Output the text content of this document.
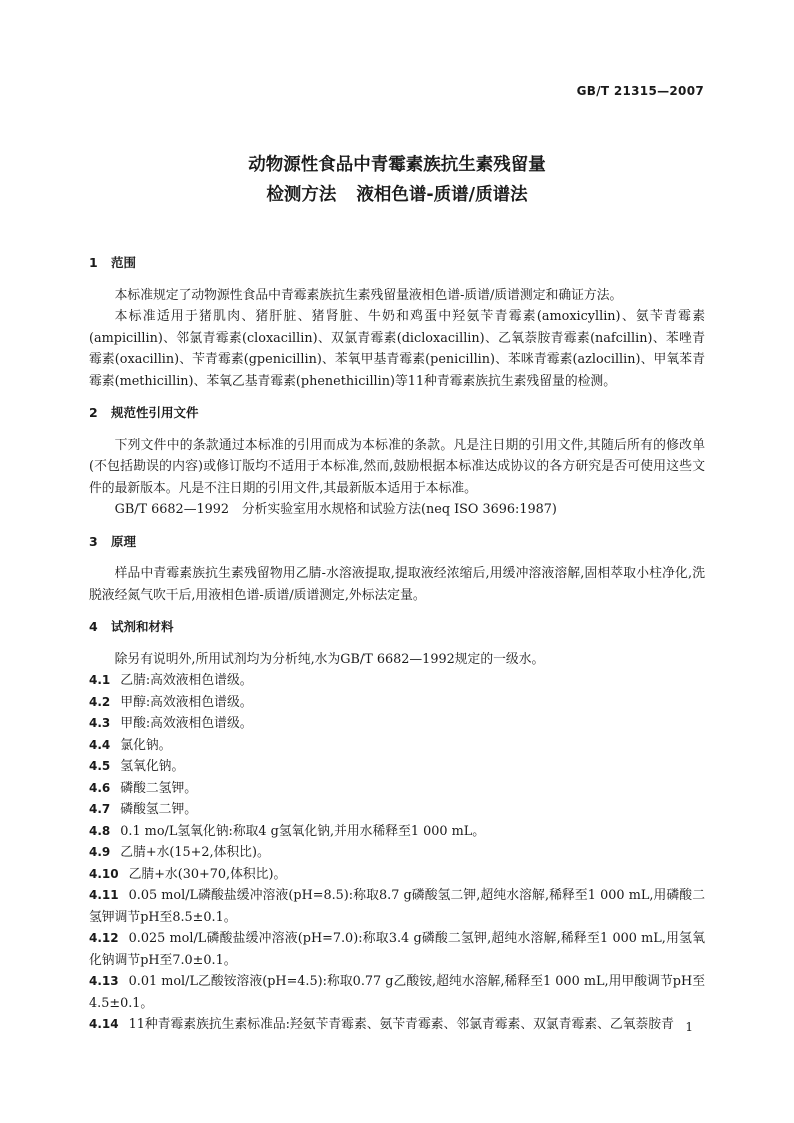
GB/T 21315—2007
动物源性食品中青霉素族抗生素残留量
检测方法 液相色谱-质谱/质谱法
1 范围

本标准规定了动物源性食品中青霉素族抗生素残留量液相色谱-质谱/质谱测定和确证方法。

本标准适用于猪肌肉、猪肝脏、猪肾脏、牛奶和鸡蛋中羟氨苄青霉素(amoxicyllin)、氨苄青霉素(ampicillin)、邻氯青霉素(cloxacillin)、双氯青霉素(dicloxacillin)、乙氧萘胺青霉素(nafcillin)、苯唑青霉素(oxacillin)、苄青霉素(gpenicillin)、苯氧甲基青霉素(penicillin)、苯咪青霉素(azlocillin)、甲氧苯青霉素(methicillin)、苯氧乙基青霉素(phenethicillin)等11种青霉素族抗生素残留量的检测。

2 规范性引用文件

下列文件中的条款通过本标准的引用而成为本标准的条款。凡是注日期的引用文件,其随后所有的修改单(不包括勘误的内容)或修订版均不适用于本标准,然而,鼓励根据本标准达成协议的各方研究是否可使用这些文件的最新版本。凡是不注日期的引用文件,其最新版本适用于本标准。

GB/T 6682—1992　分析实验室用水规格和试验方法(neq ISO 3696:1987)

3 原理

样品中青霉素族抗生素残留物用乙腈-水溶液提取,提取液经浓缩后,用缓冲溶液溶解,固相萃取小柱净化,洗脱液经氮气吹干后,用液相色谱-质谱/质谱测定,外标法定量。

4 试剂和材料

除另有说明外,所用试剂均为分析纯,水为GB/T 6682—1992规定的一级水。

4.1 乙腈:高效液相色谱级。

4.2 甲醇:高效液相色谱级。

4.3 甲酸:高效液相色谱级。

4.4 氯化钠。

4.5 氢氧化钠。

4.6 磷酸二氢钾。

4.7 磷酸氢二钾。

4.8 0.1 mo/L氢氧化钠:称取4 g氢氧化钠,并用水稀释至1 000 mL。

4.9 乙腈+水(15+2,体积比)。

4.10 乙腈+水(30+70,体积比)。

4.11 0.05 mol/L磷酸盐缓冲溶液(pH=8.5):称取8.7 g磷酸氢二钾,超纯水溶解,稀释至1 000 mL,用磷酸二氢钾调节pH至8.5±0.1。

4.12 0.025 mol/L磷酸盐缓冲溶液(pH=7.0):称取3.4 g磷酸二氢钾,超纯水溶解,稀释至1 000 mL,用氢氧化钠调节pH至7.0±0.1。

4.13 0.01 mol/L乙酸铵溶液(pH=4.5):称取0.77 g乙酸铵,超纯水溶解,稀释至1 000 mL,用甲酸调节pH至4.5±0.1。

4.14 11种青霉素族抗生素标准品:羟氨苄青霉素、氨苄青霉素、邻氯青霉素、双氯青霉素、乙氧萘胺青 1
